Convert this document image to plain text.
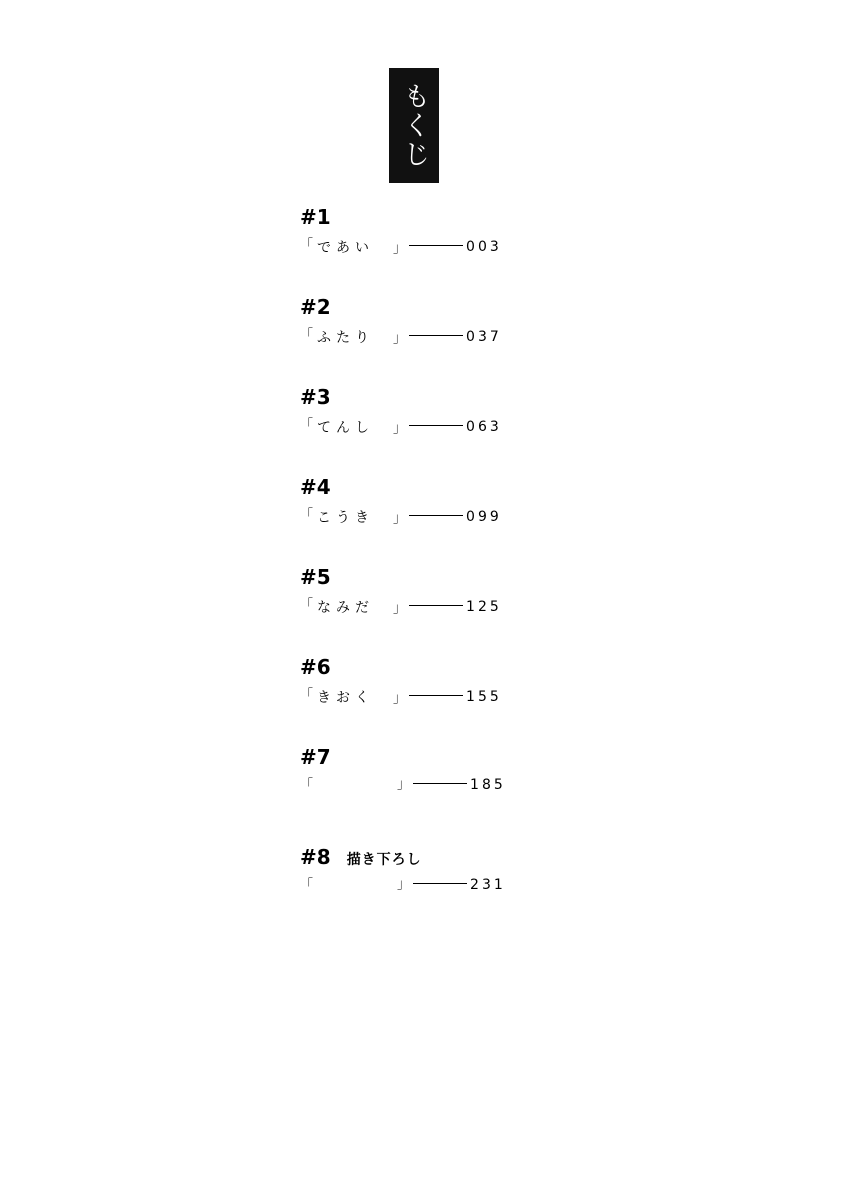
もくじ
#1
「 であい	」	003
#2
「 ふたり	」	037
#3
「 てんし	」	063
#4
「 こうき	」	099
#5
「 なみだ	」	125
#6
「 きおく	」	155
#7
「	」	185
#8 描き下ろし
「	」	231
